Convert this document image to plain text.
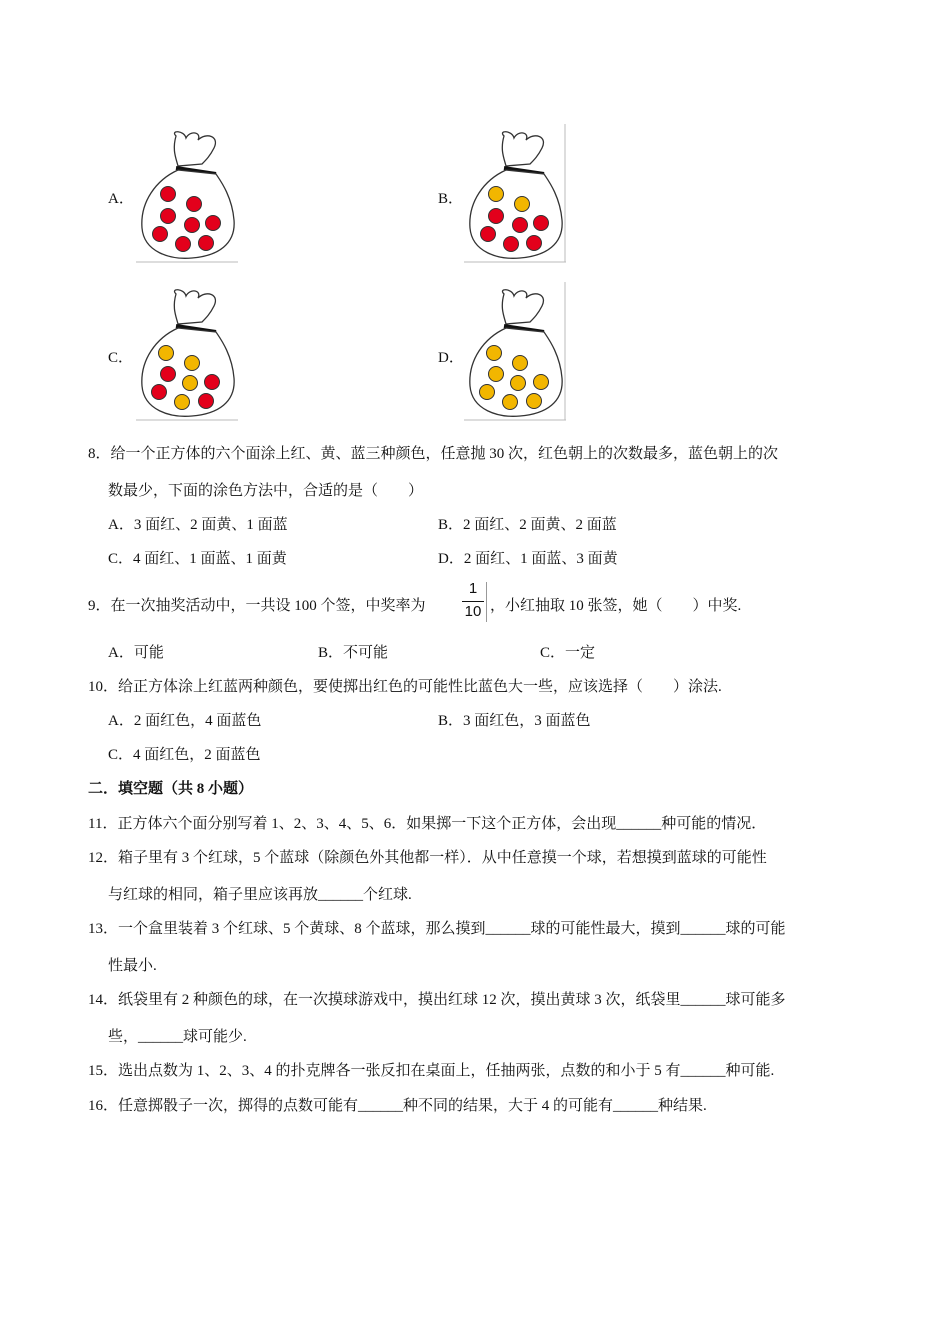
A．	B．
C．	D．
8．给一个正方体的六个面涂上红、黄、蓝三种颜色，任意抛 30 次，红色朝上的次数最多，蓝色朝上的次
数最少，下面的涂色方法中，合适的是（　　）
A．3 面红、2 面黄、1 面蓝	B．2 面红、2 面黄、2 面蓝
C．4 面红、1 面蓝、1 面黄	D．2 面红、1 面蓝、3 面黄
9．在一次抽奖活动中，一共设 100 个签，中奖率为
1
10 ，小红抽取 10 张签，她（　　）中奖.
A．可能	B．不可能	C．一定
10．给正方体涂上红蓝两种颜色，要使掷出红色的可能性比蓝色大一些，应该选择（　　）涂法.
A．2 面红色，4 面蓝色	B．3 面红色，3 面蓝色
C．4 面红色，2 面蓝色
二．填空题（共 8 小题）
11．正方体六个面分别写着 1、2、3、4、5、6．如果掷一下这个正方体，会出现______种可能的情况．
12．箱子里有 3 个红球，5 个蓝球（除颜色外其他都一样）．从中任意摸一个球，若想摸到蓝球的可能性
与红球的相同，箱子里应该再放______个红球.
13．一个盒里装着 3 个红球、5 个黄球、8 个蓝球，那么摸到______球的可能性最大，摸到______球的可能
性最小.
14．纸袋里有 2 种颜色的球，在一次摸球游戏中，摸出红球 12 次，摸出黄球 3 次，纸袋里______球可能多
些，______球可能少.
15．选出点数为 1、2、3、4 的扑克牌各一张反扣在桌面上，任抽两张，点数的和小于 5 有______种可能.
16．任意掷骰子一次，掷得的点数可能有______种不同的结果，大于 4 的可能有______种结果.
